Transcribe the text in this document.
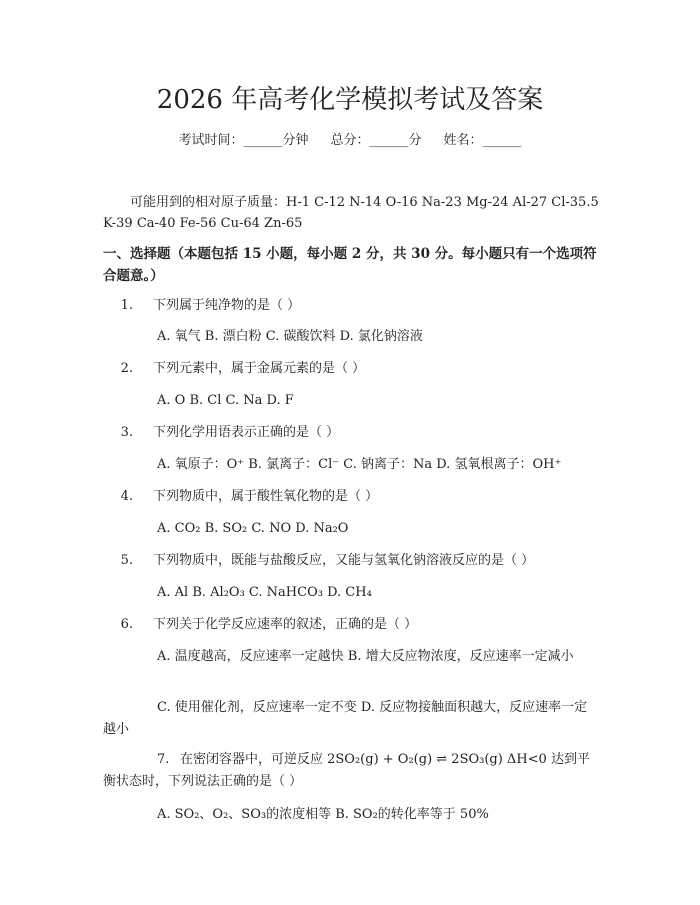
2026 年高考化学模拟考试及答案
考试时间：______分钟 总分：______分 姓名：______
可能用到的相对原子质量：H-1 C-12 N-14 O-16 Na-23 Mg-24 Al-27 Cl-35.5 K-39 Ca-40 Fe-56 Cu-64 Zn-65
一、选择题（本题包括 15 小题，每小题 2 分，共 30 分。每小题只有一个选项符合题意。）
1. 下列属于纯净物的是（ ）
A. 氧气 B. 漂白粉 C. 碳酸饮料 D. 氯化钠溶液
2. 下列元素中，属于金属元素的是（ ）
A. O B. Cl C. Na D. F
3. 下列化学用语表示正确的是（ ）
A. 氧原子：O⁺ B. 氯离子：Cl⁻ C. 钠离子：Na D. 氢氧根离子：OH⁺
4. 下列物质中，属于酸性氧化物的是（ ）
A. CO₂ B. SO₂ C. NO D. Na₂O
5. 下列物质中，既能与盐酸反应，又能与氢氧化钠溶液反应的是（ ）
A. Al B. Al₂O₃ C. NaHCO₃ D. CH₄
6. 下列关于化学反应速率的叙述，正确的是（ ）
A. 温度越高，反应速率一定越快 B. 增大反应物浓度，反应速率一定减小
C. 使用催化剂，反应速率一定不变 D. 反应物接触面积越大，反应速率一定越小
7. 在密闭容器中，可逆反应 2SO₂(g) + O₂(g) ⇌ 2SO₃(g) ΔH<0 达到平衡状态时，下列说法正确的是（ ）
A. SO₂、O₂、SO₃的浓度相等 B. SO₂的转化率等于 50%
